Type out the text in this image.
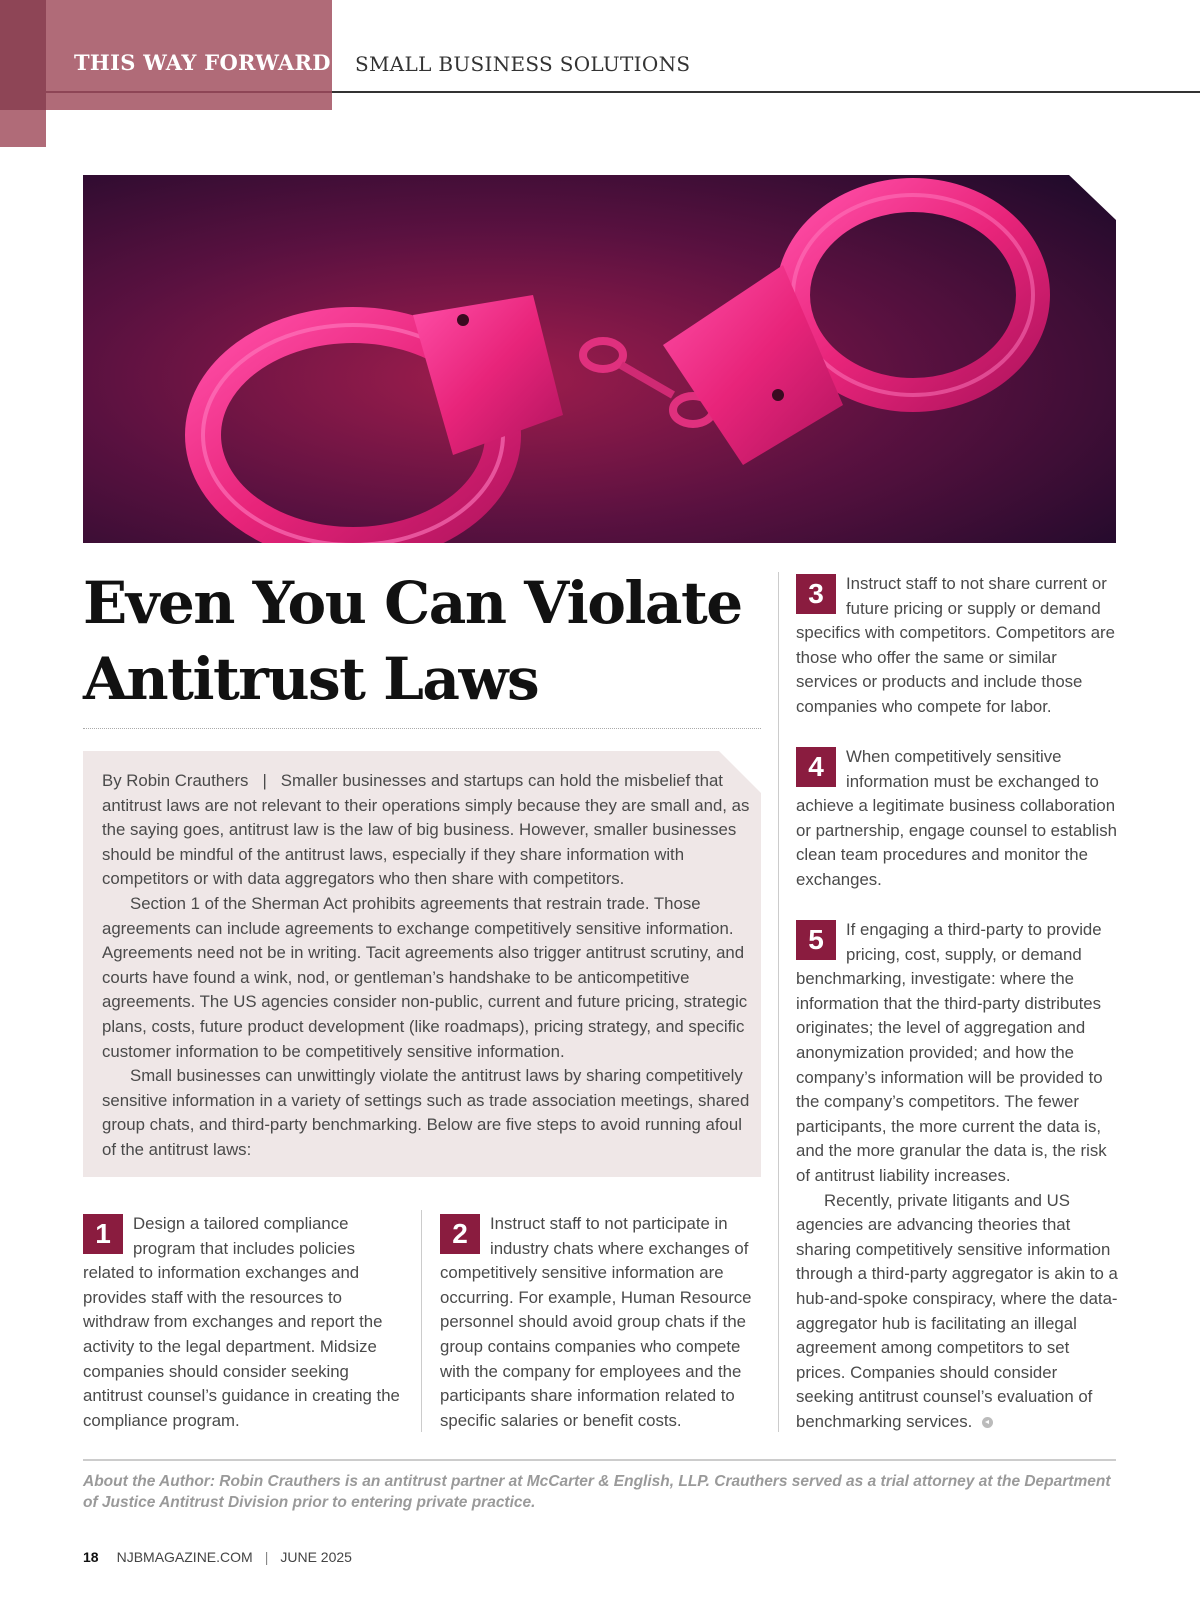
THIS WAY FORWARD SMALL BUSINESS SOLUTIONS
Even You Can Violate
Antitrust Laws

By Robin Crauthers | Smaller businesses and startups can hold the misbelief that antitrust laws are not relevant to their operations simply because they are small and, as the saying goes, antitrust law is the law of big business. However, smaller businesses should be mindful of the antitrust laws, especially if they share information with competitors or with data aggregators who then share with competitors.

Section 1 of the Sherman Act prohibits agreements that restrain trade. Those agreements can include agreements to exchange competitively sensitive information. Agreements need not be in writing. Tacit agreements also trigger antitrust scrutiny, and courts have found a wink, nod, or gentleman’s handshake to be anticompetitive agreements. The US agencies consider non-public, current and future pricing, strategic plans, costs, future product development (like roadmaps), pricing strategy, and specific customer information to be competitively sensitive information.

Small businesses can unwittingly violate the antitrust laws by sharing competitively sensitive information in a variety of settings such as trade association meetings, shared group chats, and third-party benchmarking. Below are five steps to avoid running afoul of the antitrust laws:

1	Design a tailored compliance program that includes policies related to information exchanges and provides staff with the resources to withdraw from exchanges and report the activity to the legal department. Midsize companies should consider seeking antitrust counsel’s guidance in creating the compliance program.

2	Instruct staff to not participate in industry chats where exchanges of competitively sensitive information are occurring. For example, Human Resource personnel should avoid group chats if the group contains companies who compete with the company for employees and the participants share information related to specific salaries or benefit costs.

3	Instruct staff to not share current or future pricing or supply or demand specifics with competitors. Competitors are those who offer the same or similar services or products and include those companies who compete for labor.

4	When competitively sensitive information must be exchanged to achieve a legitimate business collaboration or partnership, engage counsel to establish clean team procedures and monitor the exchanges.

5	If engaging a third-party to provide pricing, cost, supply, or demand benchmarking, investigate: where the information that the third-party distributes originates; the level of aggregation and anonymization provided; and how the company’s information will be provided to the company’s competitors. The fewer participants, the more current the data is, and the more granular the data is, the risk of antitrust liability increases.

Recently, private litigants and US agencies are advancing theories that sharing competitively sensitive information through a third-party aggregator is akin to a hub-and-spoke conspiracy, where the data-aggregator hub is facilitating an illegal agreement among competitors to set prices. Companies should consider seeking antitrust counsel’s evaluation of benchmarking services.

About the Author: Robin Crauthers is an antitrust partner at McCarter & English, LLP. Crauthers served as a trial attorney at the Department of Justice Antitrust Division prior to entering private practice.
18 NJBMAGAZINE.COM | JUNE 2025
